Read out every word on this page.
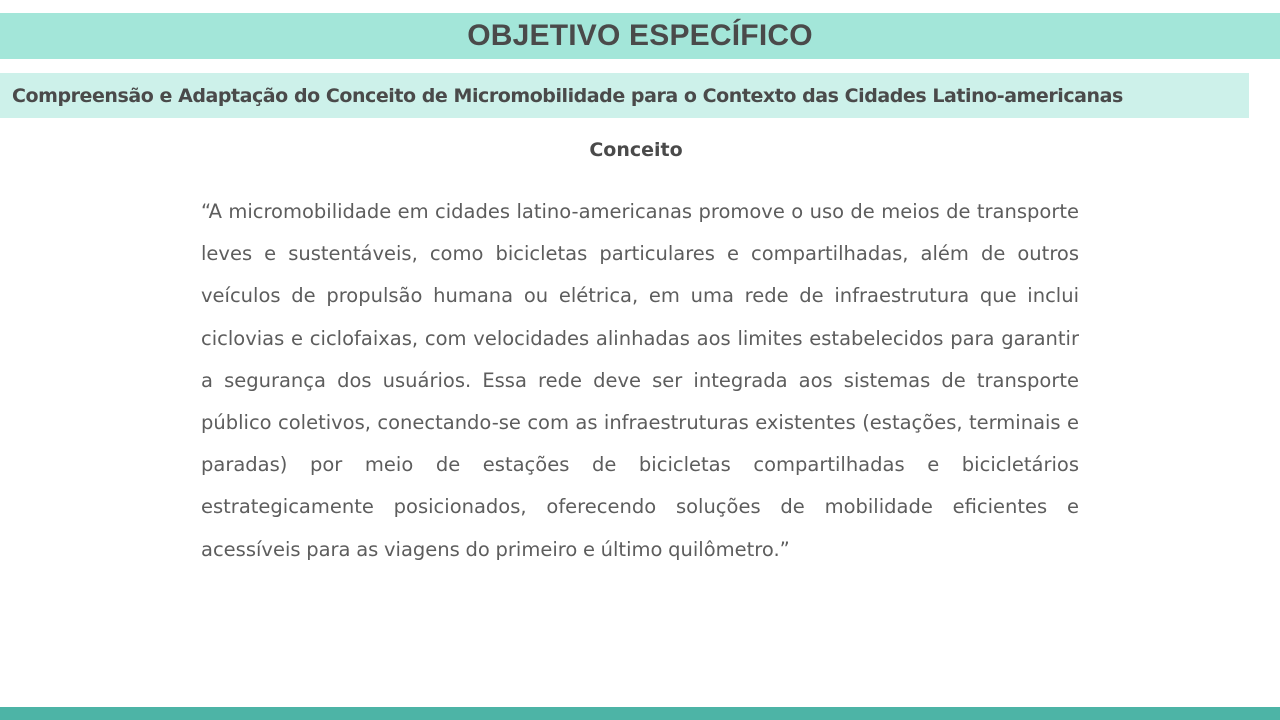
OBJETIVO ESPECÍFICO
Compreensão e Adaptação do Conceito de Micromobilidade para o Contexto das Cidades Latino-americanas
Conceito

“A micromobilidade em cidades latino-americanas promove o uso de meios de transporte leves e sustentáveis, como bicicletas particulares e compartilhadas, além de outros veículos de propulsão humana ou elétrica, em uma rede de infraestrutura que inclui ciclovias e ciclofaixas, com velocidades alinhadas aos limites estabelecidos para garantir a segurança dos usuários. Essa rede deve ser integrada aos sistemas de transporte público coletivos, conectando-se com as infraestruturas existentes (estações, terminais e paradas) por meio de estações de bicicletas compartilhadas e bicicletários estrategicamente posicionados, oferecendo soluções de mobilidade eficientes e acessíveis para as viagens do primeiro e último quilômetro.”
